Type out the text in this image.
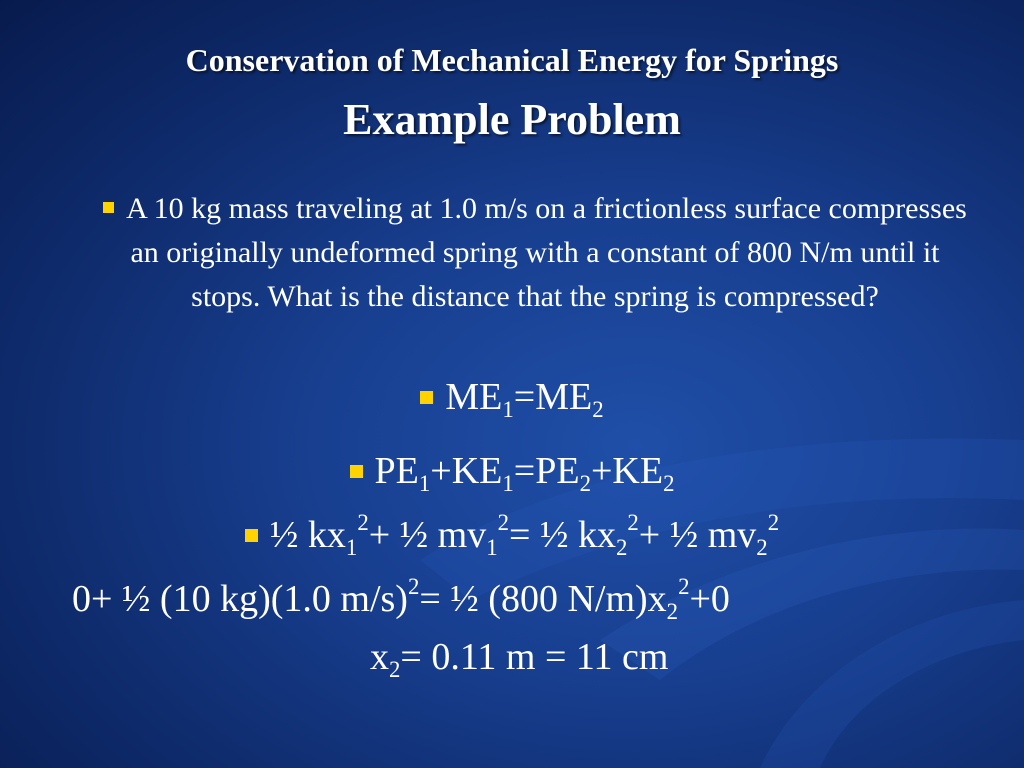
Conservation of Mechanical Energy for Springs
Example Problem
A 10 kg mass traveling at 1.0 m/s on a frictionless surface compresses an originally undeformed spring with a constant of 800 N/m until it stops. What is the distance that the spring is compressed?
$ME_1=ME_2$
$PE_1+KE_1=PE_2+KE_2$
½ $kx_1^2+$ ½ $mv_1^2=$ ½ $kx_2^2+$ ½ $mv_2^2$
0+ ½ (10 kg)(1.0 m/s)$^2$= ½ (800 $N/m)x_2^2+0$
$x_2= 0.11$ m = 11 cm
